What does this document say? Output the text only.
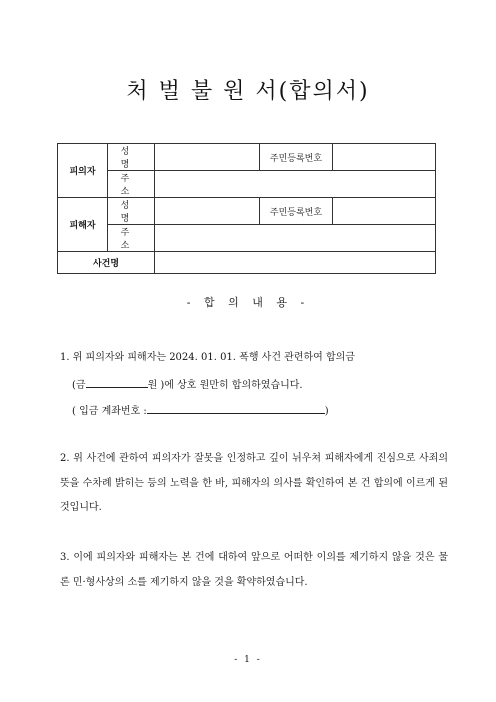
처 벌 불 원 서(합의서)
피의자	성 명		주민등록번호	
	주 소			
피해자	성 명		주민등록번호	
	주 소			
사건명				
- 합 의 내 용 -
1. 위 피의자와 피해자는 2024. 01. 01. 폭행 사건 관련하여 합의금
(금	원 )에 상호 원만히 합의하였습니다.
( 입금 계좌번호 :	)
2. 위 사건에 관하여 피의자가 잘못을 인정하고 깊이 뉘우쳐 피해자에게 진심으로 사죄의 뜻을 수차례 밝히는 등의 노력을 한 바, 피해자의 의사를 확인하여 본 건 합의에 이르게 된 것입니다.
3. 이에 피의자와 피해자는 본 건에 대하여 앞으로 어떠한 이의를 제기하지 않을 것은 물론 민·형사상의 소를 제기하지 않을 것을 확약하였습니다.
- 1 -
